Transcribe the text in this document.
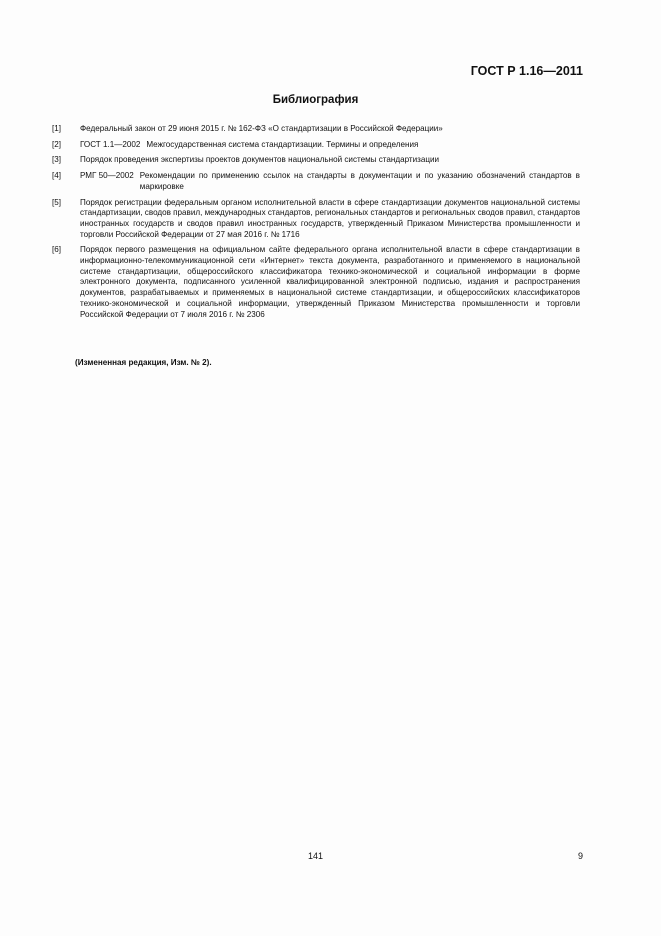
ГОСТ Р 1.16—2011
Библиография
[1]	Федеральный закон от 29 июня 2015 г. № 162-ФЗ «О стандартизации в Российской Федерации»
[2]	ГОСТ 1.1—2002 Межгосударственная система стандартизации. Термины и определения
[3]	Порядок проведения экспертизы проектов документов национальной системы стандартизации
[4]	РМГ 50—2002 Рекомендации по применению ссылок на стандарты в документации и по указанию обозначений стандартов в маркировке
[5]	Порядок регистрации федеральным органом исполнительной власти в сфере стандартизации документов национальной системы стандартизации, сводов правил, международных стандартов, региональных стандартов и региональных сводов правил, стандартов иностранных государств и сводов правил иностранных государств, утвержденный Приказом Министерства промышленности и торговли Российской Федерации от 27 мая 2016 г. № 1716
[6]	Порядок первого размещения на официальном сайте федерального органа исполнительной власти в сфере стандартизации в информационно-телекоммуникационной сети «Интернет» текста документа, разработанного и применяемого в национальной системе стандартизации, общероссийского классификатора технико-экономической и социальной информации в форме электронного документа, подписанного усиленной квалифицированной электронной подписью, издания и распространения документов, разрабатываемых и применяемых в национальной системе стандартизации, и общероссийских классификаторов технико-экономической и социальной информации, утвержденный Приказом Министерства промышленности и торговли Российской Федерации от 7 июля 2016 г. № 2306
(Измененная редакция, Изм. № 2).
141	9
